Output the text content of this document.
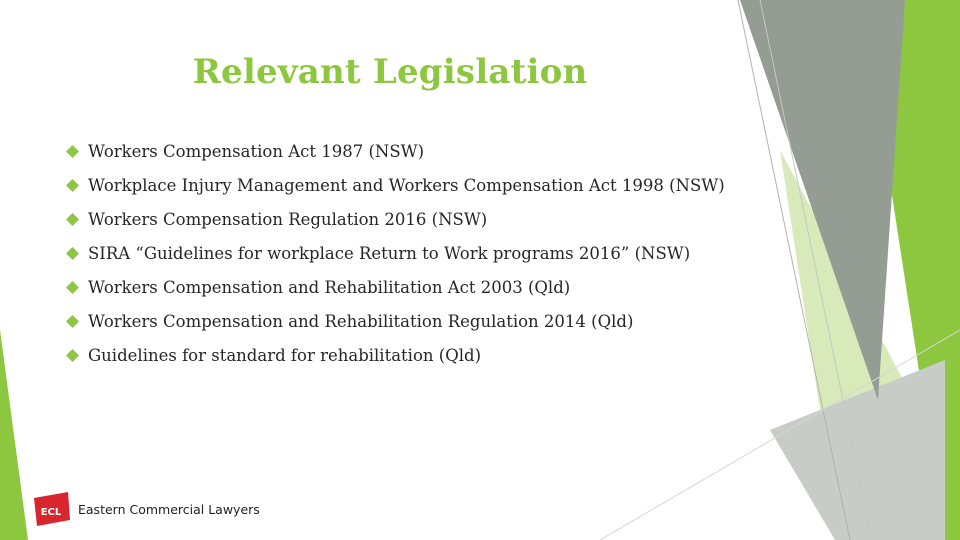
Relevant Legislation
Workers Compensation Act 1987 (NSW)
Workplace Injury Management and Workers Compensation Act 1998 (NSW)
Workers Compensation Regulation 2016 (NSW)
SIRA “Guidelines for workplace Return to Work programs 2016” (NSW)
Workers Compensation and Rehabilitation Act 2003 (Qld)
Workers Compensation and Rehabilitation Regulation 2014 (Qld)
Guidelines for standard for rehabilitation (Qld)
ECL Eastern Commercial Lawyers
